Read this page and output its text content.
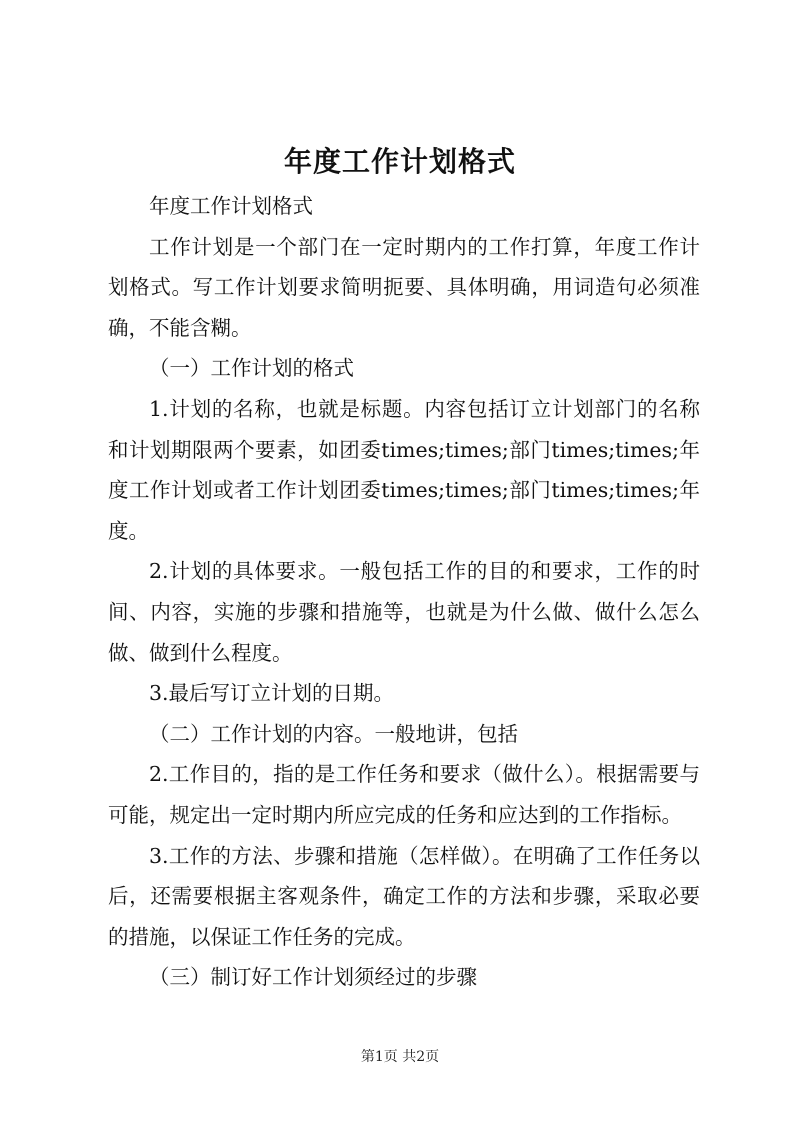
年度工作计划格式

年度工作计划格式

工作计划是一个部门在一定时期内的工作打算，年度工作计划格式。写工作计划要求简明扼要、具体明确，用词造句必须准确，不能含糊。

（一）工作计划的格式

1.计划的名称，也就是标题。内容包括订立计划部门的名称和计划期限两个要素，如团委times;times;部门times;times;年度工作计划或者工作计划团委times;times;部门times;times;年度。

2.计划的具体要求。一般包括工作的目的和要求，工作的时间、内容，实施的步骤和措施等，也就是为什么做、做什么怎么做、做到什么程度。

3.最后写订立计划的日期。

（二）工作计划的内容。一般地讲，包括

2.工作目的，指的是工作任务和要求（做什么）。根据需要与可能，规定出一定时期内所应完成的任务和应达到的工作指标。

3.工作的方法、步骤和措施（怎样做）。在明确了工作任务以后，还需要根据主客观条件，确定工作的方法和步骤，采取必要的措施，以保证工作任务的完成。

（三）制订好工作计划须经过的步骤

第1页 共2页
